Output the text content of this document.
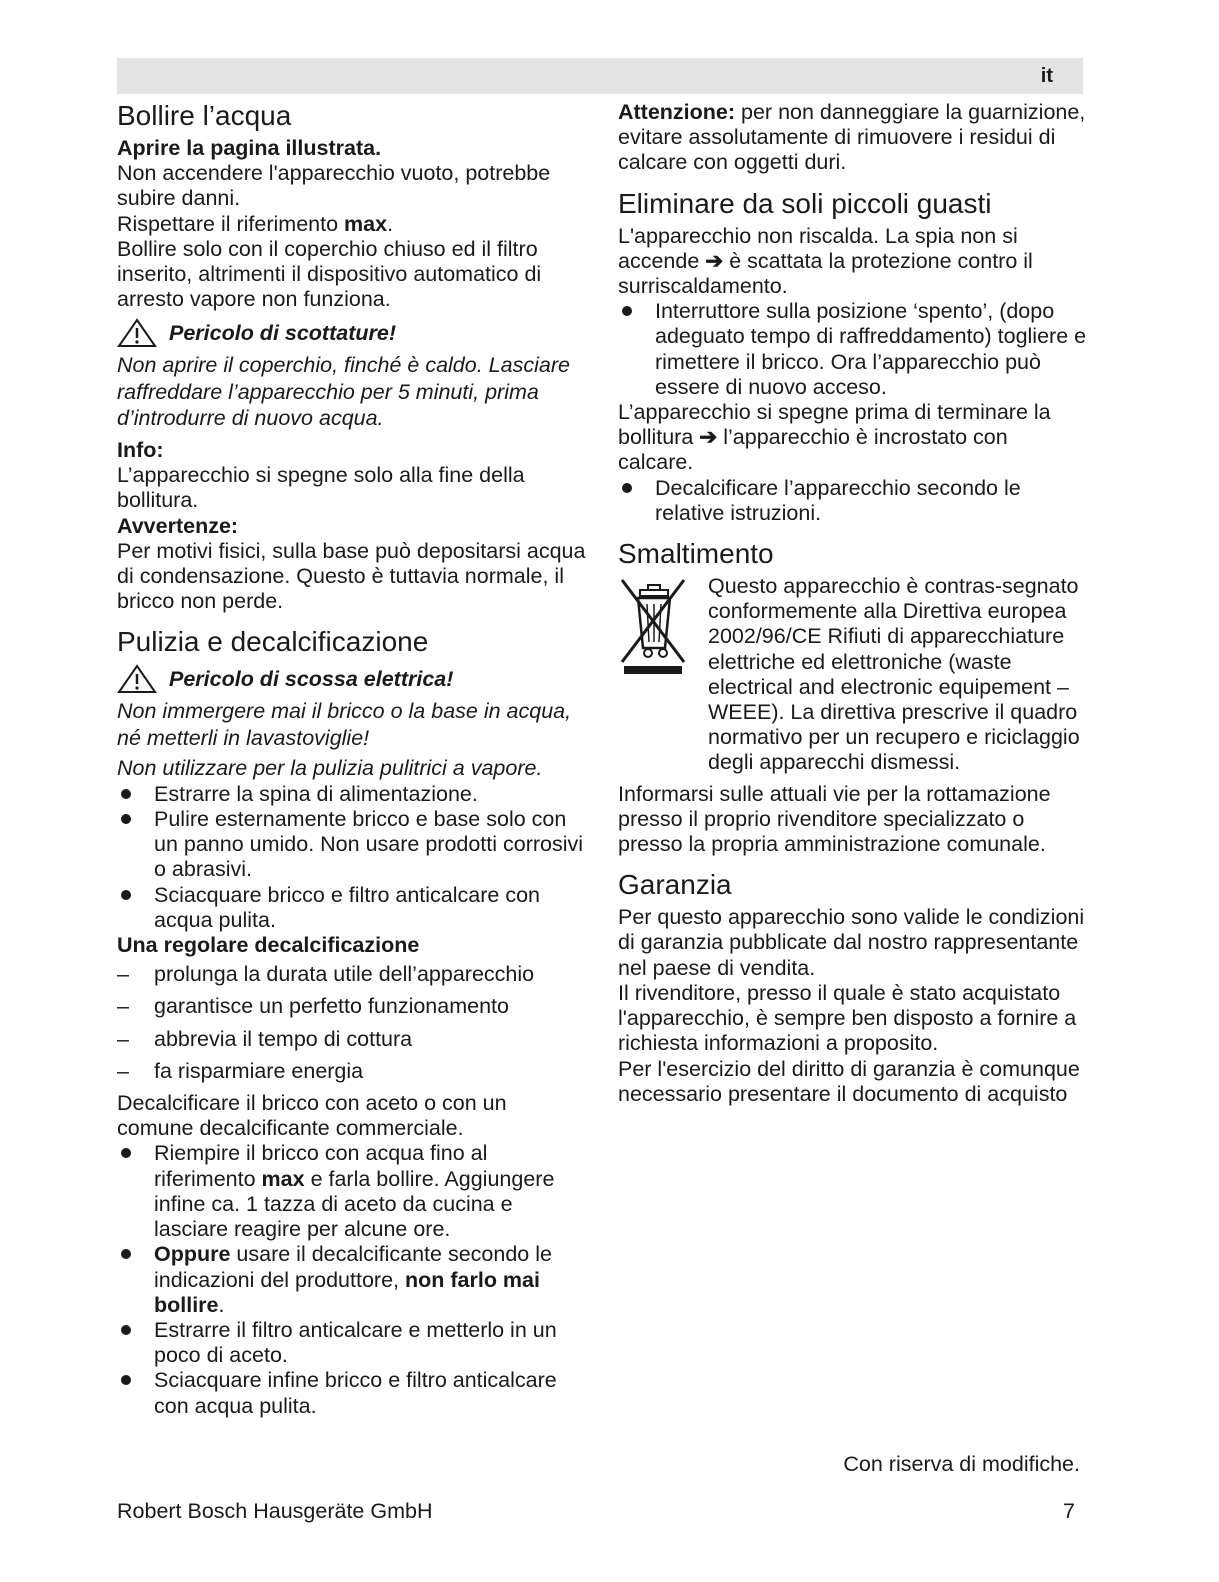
it
Bollire l’acqua

Aprire la pagina illustrata.

Non accendere l'apparecchio vuoto, potrebbe subire danni.

Rispettare il riferimento max.

Bollire solo con il coperchio chiuso ed il filtro inserito, altrimenti il dispositivo automatico di arresto vapore non funziona.

Pericolo di scottature!

Non aprire il coperchio, finché è caldo. Lasciare raffreddare l’apparecchio per 5 minuti, prima d’introdurre di nuovo acqua.

Info:

L’apparecchio si spegne solo alla fine della bollitura.

Avvertenze:

Per motivi fisici, sulla base può depositarsi acqua di condensazione. Questo è tuttavia normale, il bricco non perde.

Pulizia e decalcificazione
Pericolo di scossa elettrica!

Non immergere mai il bricco o la base in acqua, né metterli in lavastoviglie!

Non utilizzare per la pulizia pulitrici a vapore.

Estrarre la spina di alimentazione.
Pulire esternamente bricco e base solo con un panno umido. Non usare prodotti corrosivi o abrasivi.
Sciacquare bricco e filtro anticalcare con acqua pulita.

Una regolare decalcificazione

– prolunga la durata utile dell’apparecchio
– garantisce un perfetto funzionamento
– abbrevia il tempo di cottura
– fa risparmiare energia

Decalcificare il bricco con aceto o con un comune decalcificante commerciale.

Riempire il bricco con acqua fino al riferimento max e farla bollire. Aggiungere infine ca. 1 tazza di aceto da cucina e lasciare reagire per alcune ore.
Oppure usare il decalcificante secondo le indicazioni del produttore, non farlo mai bollire.
Estrarre il filtro anticalcare e metterlo in un poco di aceto.
Sciacquare infine bricco e filtro anticalcare con acqua pulita.

Attenzione: per non danneggiare la guarnizione, evitare assolutamente di rimuovere i residui di calcare con oggetti duri.

Eliminare da soli piccoli guasti

L'apparecchio non riscalda. La spia non si accende ➔ è scattata la protezione contro il surriscaldamento.

Interruttore sulla posizione ‘spento’, (dopo adeguato tempo di raffreddamento) togliere e rimettere il bricco. Ora l’apparecchio può essere di nuovo acceso.

L’apparecchio si spegne prima di terminare la bollitura ➔ l’apparecchio è incrostato con calcare.

Decalcificare l’apparecchio secondo le relative istruzioni.
Smaltimento
Questo apparecchio è contras-segnato conformemente alla Direttiva europea 2002/96/CE Rifiuti di apparecchiature elettriche ed elettroniche (waste electrical and electronic equipement – WEEE). La direttiva prescrive il quadro normativo per un recupero e riciclaggio degli apparecchi dismessi.

Informarsi sulle attuali vie per la rottamazione presso il proprio rivenditore specializzato o presso la propria amministrazione comunale.

Garanzia

Per questo apparecchio sono valide le condizioni di garanzia pubblicate dal nostro rappresentante nel paese di vendita.

Il rivenditore, presso il quale è stato acquistato l'apparecchio, è sempre ben disposto a fornire a richiesta informazioni a proposito.

Per l'esercizio del diritto di garanzia è comunque necessario presentare il documento di acquisto

Con riserva di modifiche.
Robert Bosch Hausgeräte GmbH	7
